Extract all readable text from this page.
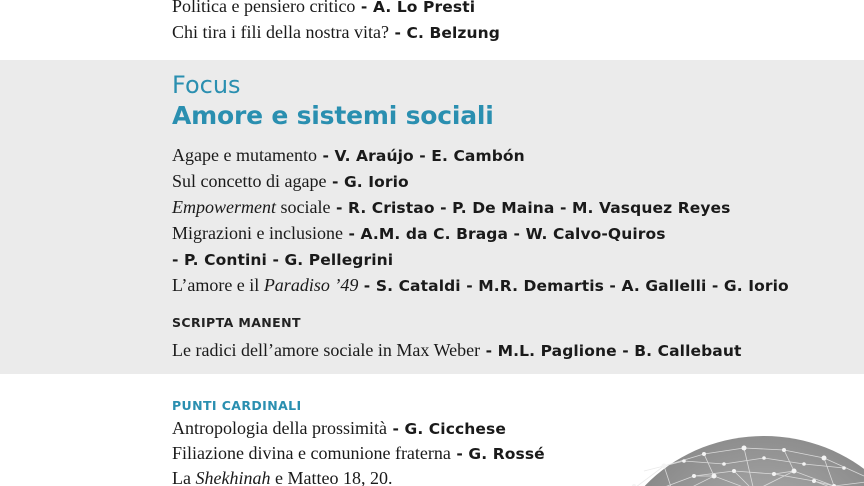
Politica e pensiero critico - A. Lo Presti
Chi tira i fili della nostra vita? - C. Belzung
Focus
Amore e sistemi sociali
Agape e mutamento - V. Araújo - E. Cambón
Sul concetto di agape - G. Iorio
Empowerment sociale - R. Cristao - P. De Maina - M. Vasquez Reyes
Migrazioni e inclusione - A.M. da C. Braga - W. Calvo-Quiros
- P. Contini - G. Pellegrini
L’amore e il Paradiso ’49 - S. Cataldi - M.R. Demartis - A. Gallelli - G. Iorio
SCRIPTA MANENT
Le radici dell’amore sociale in Max Weber - M.L. Paglione - B. Callebaut
PUNTI CARDINALI
Antropologia della prossimità - G. Cicchese
Filiazione divina e comunione fraterna - G. Rossé
La Shekhinah e Matteo 18, 20.
